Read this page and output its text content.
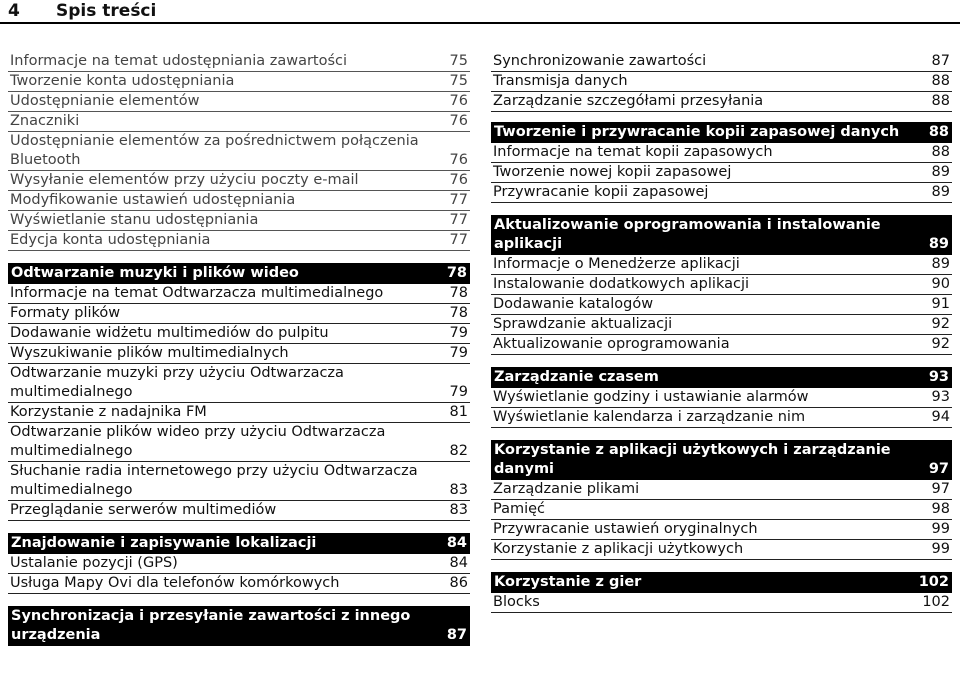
4 Spis treści
Informacje na temat udostępniania zawartości	75
Tworzenie konta udostępniania	75
Udostępnianie elementów	76
Znaczniki	76
Udostępnianie elementów za pośrednictwem połączenia Bluetooth	76
Wysyłanie elementów przy użyciu poczty e-mail	76
Modyfikowanie ustawień udostępniania	77
Wyświetlanie stanu udostępniania	77
Edycja konta udostępniania	77
Odtwarzanie muzyki i plików wideo	78
Informacje na temat Odtwarzacza multimedialnego	78
Formaty plików	78
Dodawanie widżetu multimediów do pulpitu	79
Wyszukiwanie plików multimedialnych	79
Odtwarzanie muzyki przy użyciu Odtwarzacza multimedialnego	79
Korzystanie z nadajnika FM	81
Odtwarzanie plików wideo przy użyciu Odtwarzacza multimedialnego	82
Słuchanie radia internetowego przy użyciu Odtwarzacza multimedialnego	83
Przeglądanie serwerów multimediów	83
Znajdowanie i zapisywanie lokalizacji	84
Ustalanie pozycji (GPS)	84
Usługa Mapy Ovi dla telefonów komórkowych	86
Synchronizacja i przesyłanie zawartości z innego urządzenia	87
Synchronizowanie zawartości	87
Transmisja danych	88
Zarządzanie szczegółami przesyłania	88
Tworzenie i przywracanie kopii zapasowej danych	88
Informacje na temat kopii zapasowych	88
Tworzenie nowej kopii zapasowej	89
Przywracanie kopii zapasowej	89
Aktualizowanie oprogramowania i instalowanie aplikacji	89
Informacje o Menedżerze aplikacji	89
Instalowanie dodatkowych aplikacji	90
Dodawanie katalogów	91
Sprawdzanie aktualizacji	92
Aktualizowanie oprogramowania	92
Zarządzanie czasem	93
Wyświetlanie godziny i ustawianie alarmów	93
Wyświetlanie kalendarza i zarządzanie nim	94
Korzystanie z aplikacji użytkowych i zarządzanie danymi	97
Zarządzanie plikami	97
Pamięć	98
Przywracanie ustawień oryginalnych	99
Korzystanie z aplikacji użytkowych	99
Korzystanie z gier	102
Blocks	102
